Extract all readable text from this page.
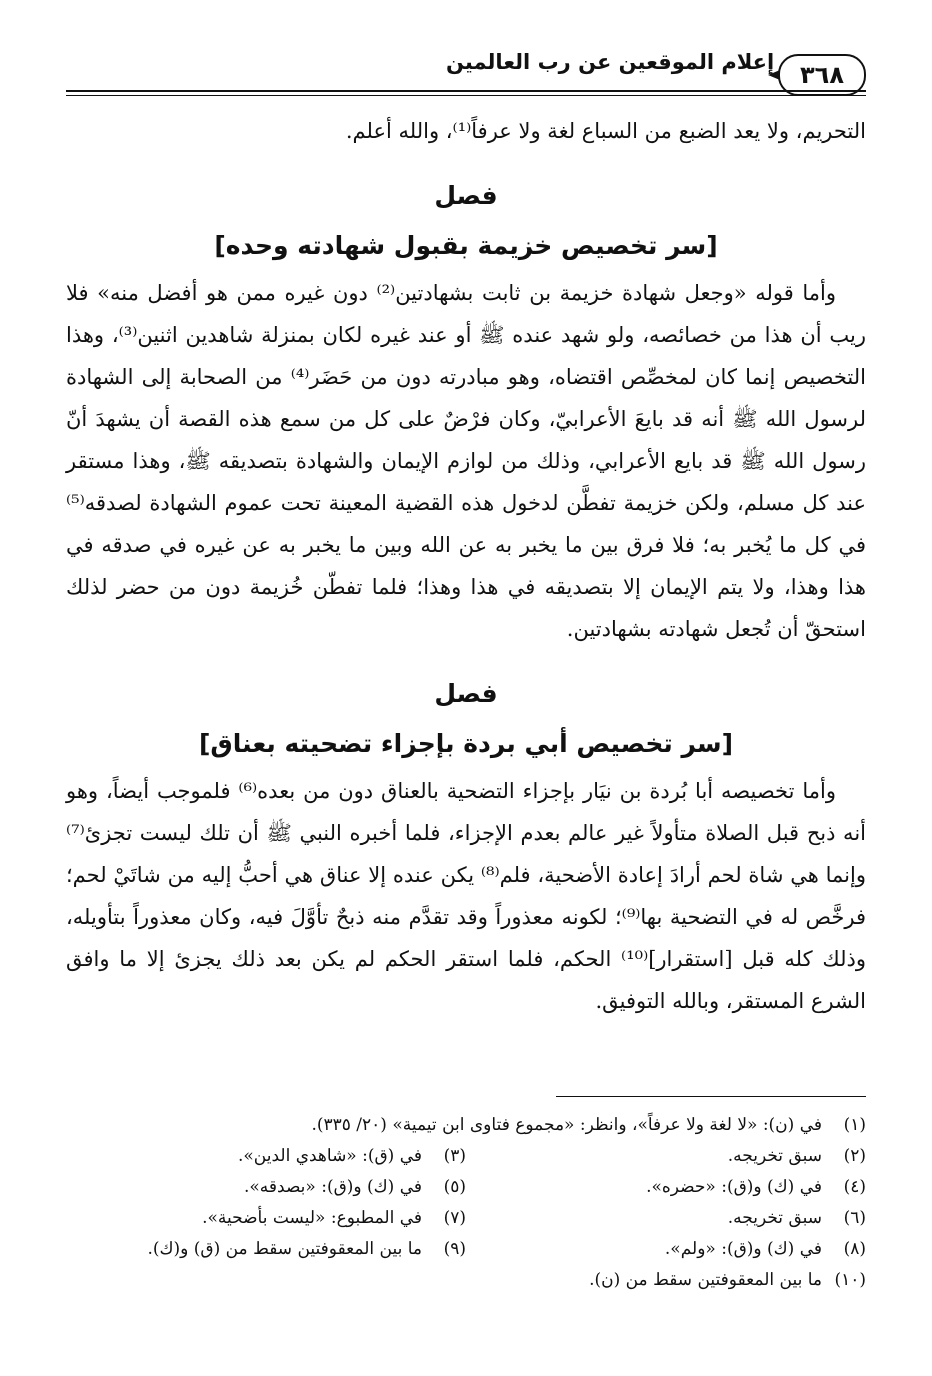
٣٦٨
إعلام الموقعين عن رب العالمين

التحريم، ولا يعد الضبع من السباع لغة ولا عرفاً⁽¹⁾، والله أعلم.

فصل
[سر تخصيص خزيمة بقبول شهادته وحده]

وأما قوله «وجعل شهادة خزيمة بن ثابت بشهادتين⁽²⁾ دون غيره ممن هو أفضل منه» فلا ريب أن هذا من خصائصه، ولو شهد عنده ﷺ أو عند غيره لكان بمنزلة شاهدين اثنين⁽³⁾، وهذا التخصيص إنما كان لمخصِّص اقتضاه، وهو مبادرته دون من حَضَر⁽⁴⁾ من الصحابة إلى الشهادة لرسول الله ﷺ أنه قد بايعَ الأعرابيّ، وكان فرْضٌ على كل من سمع هذه القصة أن يشهدَ أنّ رسول الله ﷺ قد بايع الأعرابي، وذلك من لوازم الإيمان والشهادة بتصديقه ﷺ، وهذا مستقر عند كل مسلم، ولكن خزيمة تفطَّن لدخول هذه القضية المعينة تحت عموم الشهادة لصدقه⁽⁵⁾ في كل ما يُخبر به؛ فلا فرق بين ما يخبر به عن الله وبين ما يخبر به عن غيره في صدقه في هذا وهذا، ولا يتم الإيمان إلا بتصديقه في هذا وهذا؛ فلما تفطّن خُزيمة دون من حضر لذلك استحقّ أن تُجعل شهادته بشهادتين.

فصل
[سر تخصيص أبي بردة بإجزاء تضحيته بعناق]

وأما تخصيصه أبا بُردة بن نيَار بإجزاء التضحية بالعناق دون من بعده⁽⁶⁾ فلموجب أيضاً، وهو أنه ذبح قبل الصلاة متأولاً غير عالم بعدم الإجزاء، فلما أخبره النبي ﷺ أن تلك ليست تجزئ⁽⁷⁾ وإنما هي شاة لحم أرادَ إعادة الأضحية، فلم⁽⁸⁾ يكن عنده إلا عناق هي أحبُّ إليه من شاتَيْ لحم؛ فرخَّص له في التضحية بها⁽⁹⁾؛ لكونه معذوراً وقد تقدَّم منه ذبحٌ تأوَّلَ فيه، وكان معذوراً بتأويله، وذلك كله قبل [استقرار]⁽¹⁰⁾ الحكم، فلما استقر الحكم لم يكن بعد ذلك يجزئ إلا ما وافق الشرع المستقر، وبالله التوفيق.

(١)في (ن): «لا لغة ولا عرفاً»، وانظر: «مجموع فتاوى ابن تيمية» (٢٠/ ٣٣٥).
(٢)سبق تخريجه.
(٣)في (ق): «شاهدي الدين».
(٤)في (ك) و(ق): «حضره».
(٥)في (ك) و(ق): «بصدقه».
(٦)سبق تخريجه.
(٧)في المطبوع: «ليست بأضحية».
(٨)في (ك) و(ق): «ولم».
(٩)ما بين المعقوفتين سقط من (ق) و(ك).
(١٠)ما بين المعقوفتين سقط من (ن).
